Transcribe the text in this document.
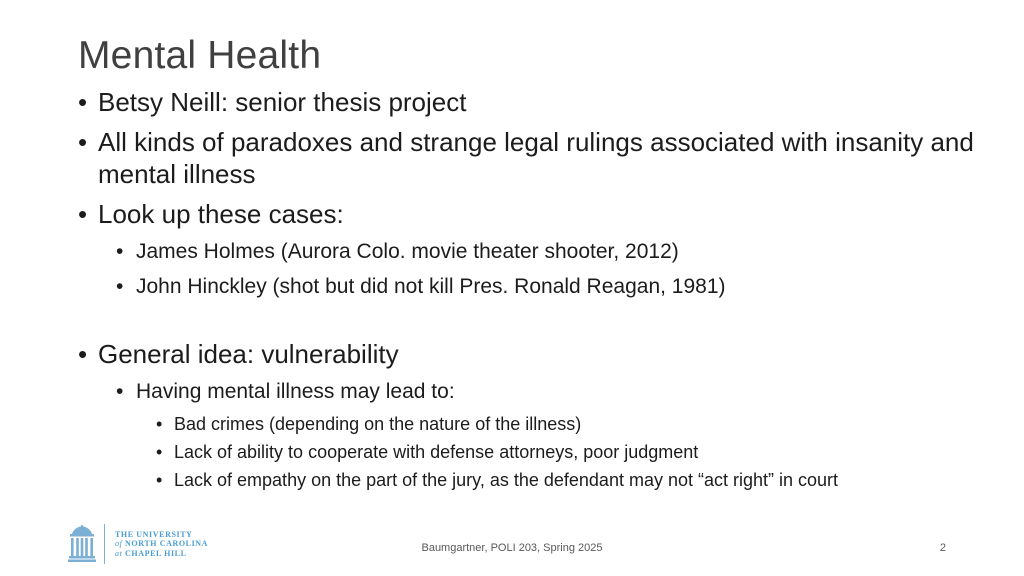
Mental Health
• Betsy Neill: senior thesis project
• All kinds of paradoxes and strange legal rulings associated with insanity and mental illness
• Look up these cases:
• James Holmes (Aurora Colo. movie theater shooter, 2012)
• John Hinckley (shot but did not kill Pres. Ronald Reagan, 1981)
• General idea: vulnerability
• Having mental illness may lead to:
• Bad crimes (depending on the nature of the illness)
• Lack of ability to cooperate with defense attorneys, poor judgment
• Lack of empathy on the part of the jury, as the defendant may not “act right” in court
THE UNIVERSITY
of NORTH CAROLINA
at CHAPEL HILL	Baumgartner, POLI 203, Spring 2025	2
